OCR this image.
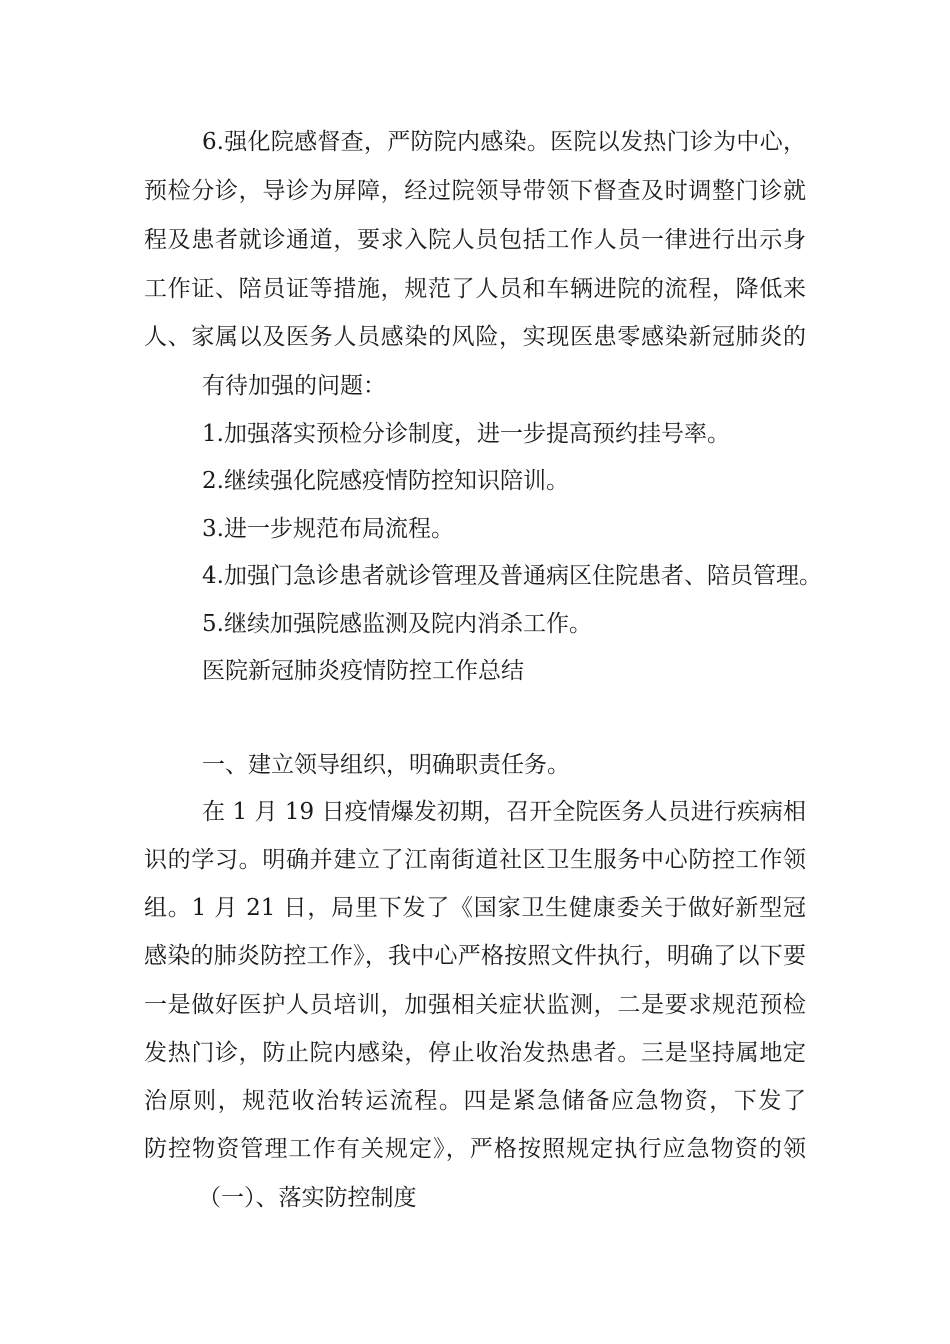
6.强化院感督查，严防院内感染。医院以发热门诊为中心，
预检分诊，导诊为屏障，经过院领导带领下督查及时调整门诊就
程及患者就诊通道，要求入院人员包括工作人员一律进行出示身
工作证、陪员证等措施，规范了人员和车辆进院的流程，降低来
人、家属以及医务人员感染的风险，实现医患零感染新冠肺炎的
有待加强的问题：
1.加强落实预检分诊制度，进一步提高预约挂号率。
2.继续强化院感疫情防控知识陪训。
3.进一步规范布局流程。
4.加强门急诊患者就诊管理及普通病区住院患者、陪员管理。
5.继续加强院感监测及院内消杀工作。
医院新冠肺炎疫情防控工作总结
一、建立领导组织，明确职责任务。
在 1 月 19 日疫情爆发初期，召开全院医务人员进行疾病相
识的学习。明确并建立了江南街道社区卫生服务中心防控工作领
组。1 月 21 日，局里下发了《国家卫生健康委关于做好新型冠
感染的肺炎防控工作》，我中心严格按照文件执行，明确了以下要
一是做好医护人员培训，加强相关症状监测，二是要求规范预检
发热门诊，防止院内感染，停止收治发热患者。三是坚持属地定
治原则，规范收治转运流程。四是紧急储备应急物资，下发了
防控物资管理工作有关规定》，严格按照规定执行应急物资的领
（一）、落实防控制度
